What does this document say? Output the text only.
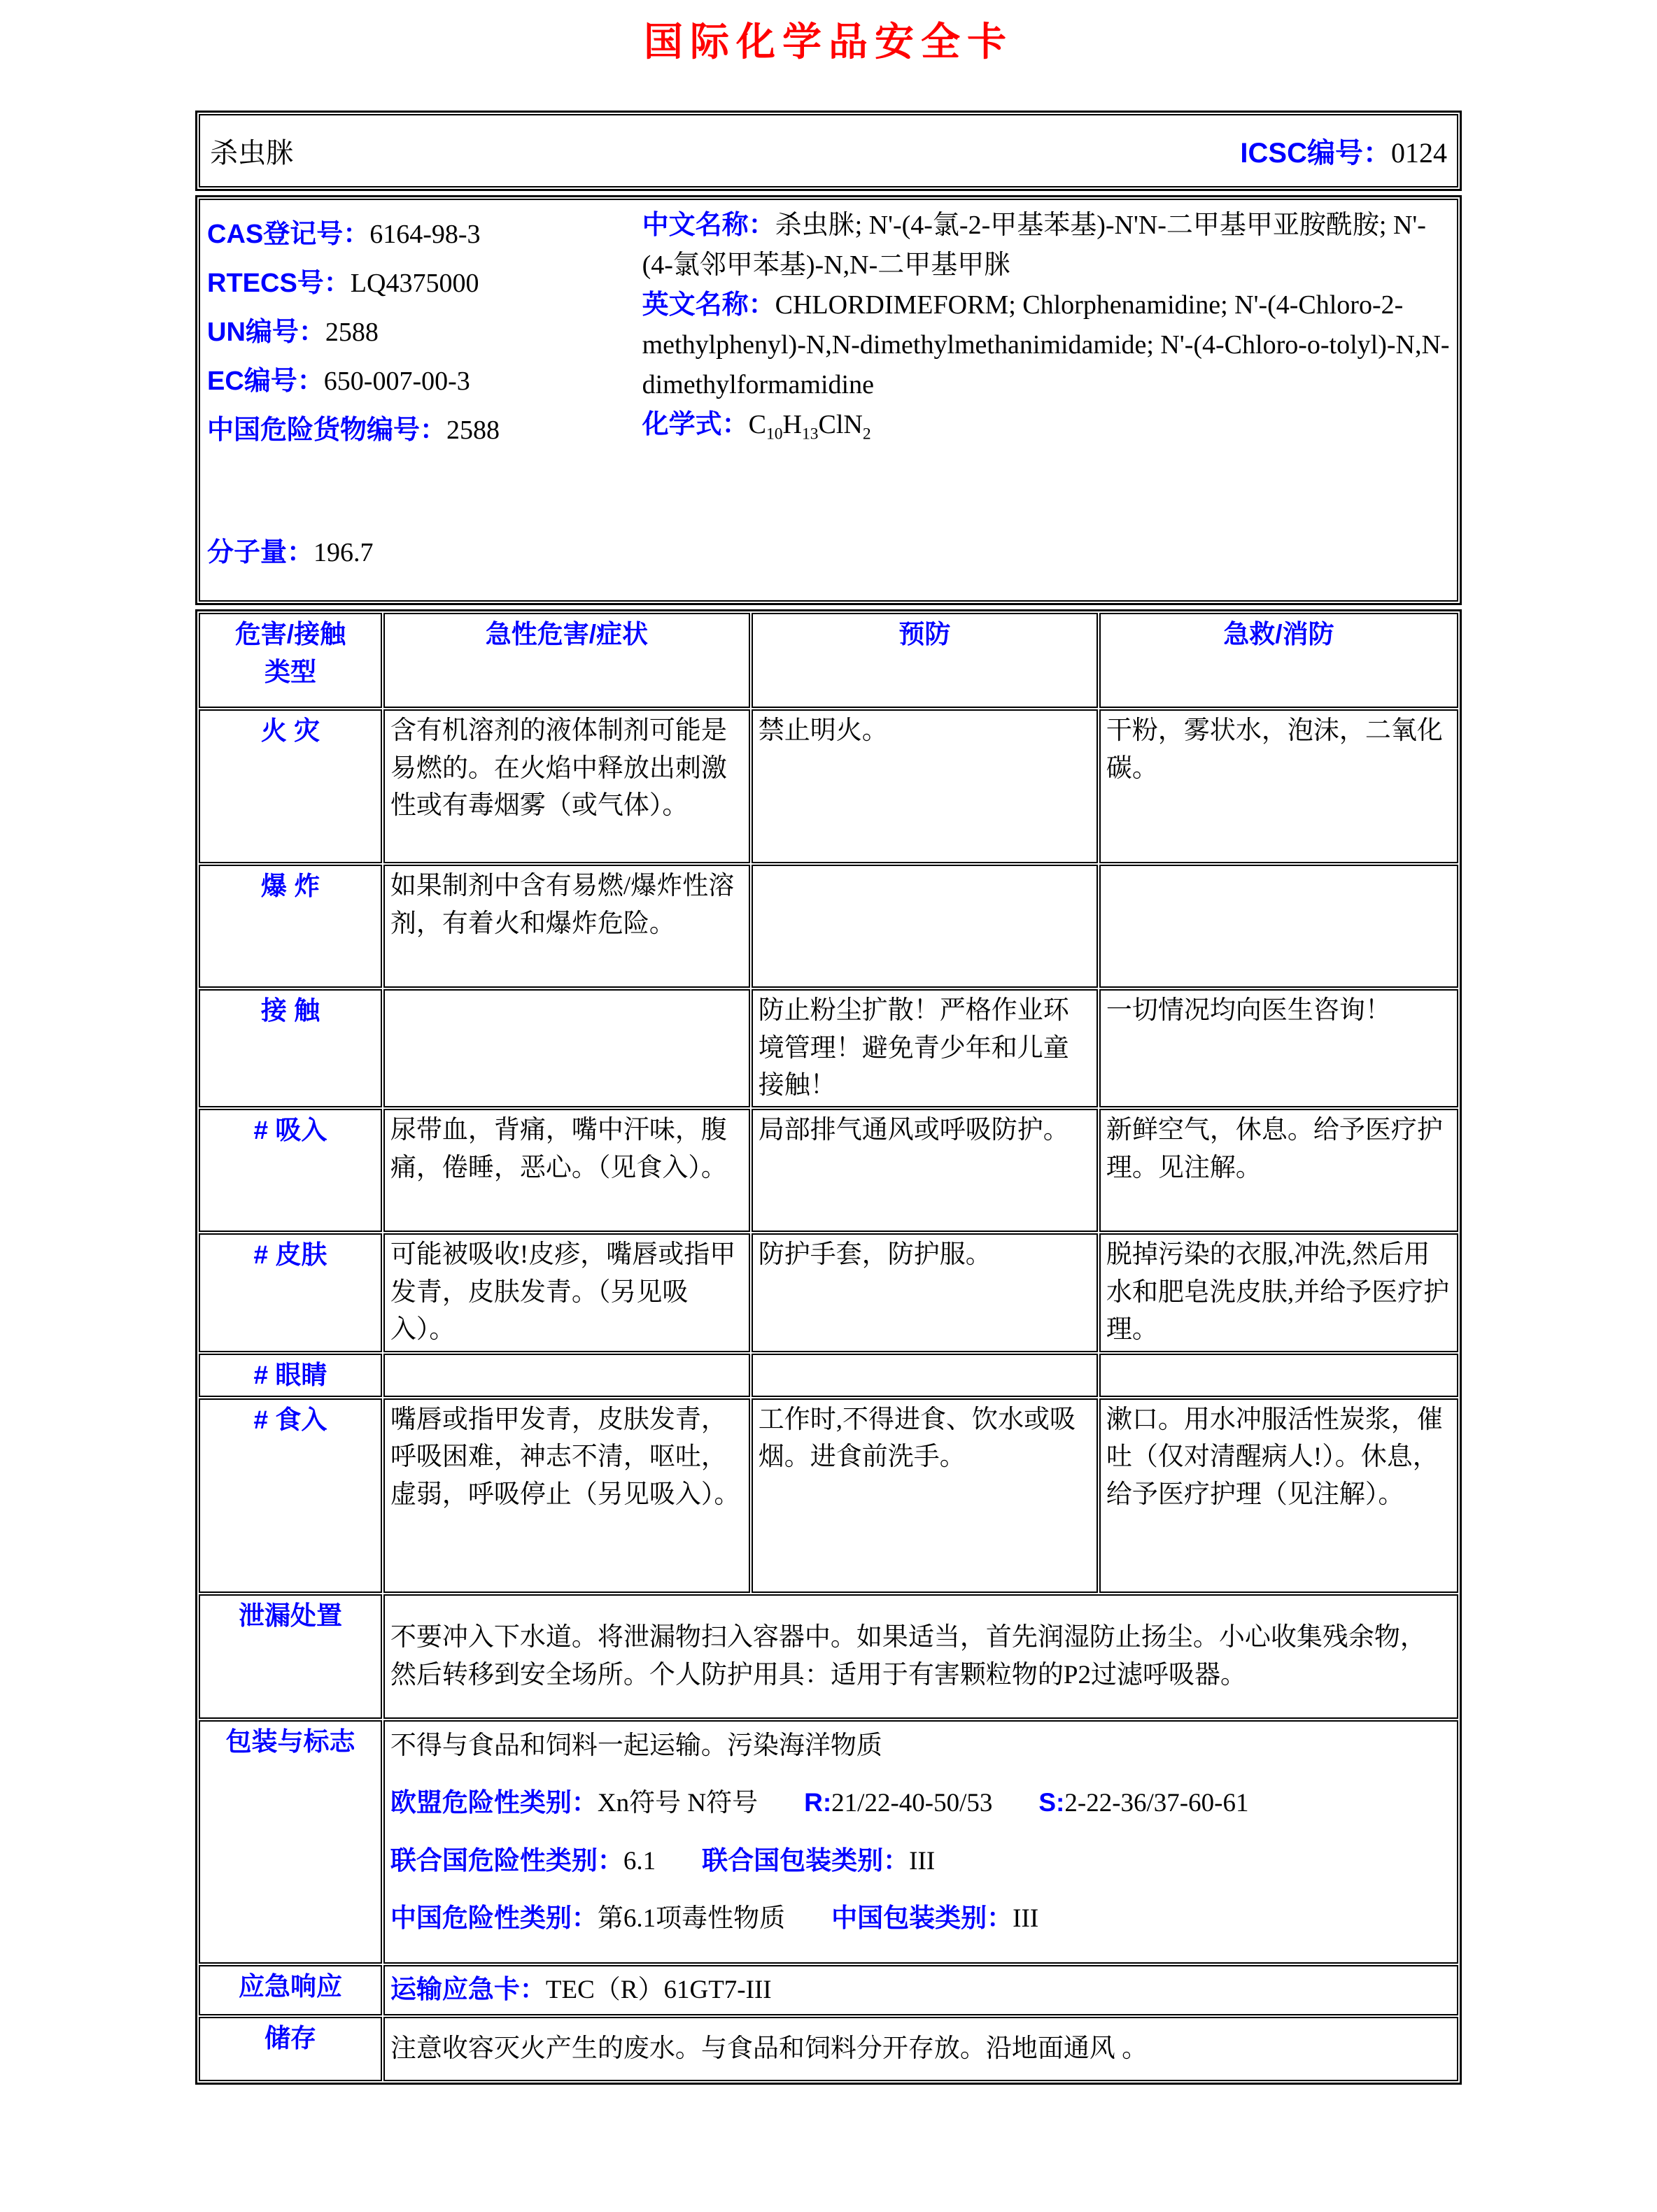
国际化学品安全卡
杀虫脒	ICSC编号：0124
CAS登记号：6164-98-3
RTECS号：LQ4375000
UN编号：2588
EC编号：650-007-00-3
中国危险货物编号：2588
分子量：196.7

中文名称：杀虫脒; N'-(4-氯-2-甲基苯基)-N'N-二甲基甲亚胺酰胺; N'-(4-氯邻甲苯基)-N,N-二甲基甲脒

英文名称：CHLORDIMEFORM; Chlorphenamidine; N'-(4-Chloro-2- methylphenyl)-N,N-dimethylmethanimidamide; N'-(4-Chloro-o-tolyl)-N,N-dimethylformamidine

化学式：$C_{10}H_{13}ClN_2$

危害/接触
类型	急性危害/症状	预防	急救/消防
火 灾	含有机溶剂的液体制剂可能是易燃的。在火焰中释放出刺激性或有毒烟雾（或气体）。	禁止明火。	干粉，雾状水，泡沫，二氧化碳。
爆 炸	如果制剂中含有易燃/爆炸性溶剂，有着火和爆炸危险。		
接 触		防止粉尘扩散！严格作业环境管理！避免青少年和儿童接触！	一切情况均向医生咨询！
# 吸入	尿带血，背痛，嘴中汗味，腹痛，倦睡，恶心。（见食入）。	局部排气通风或呼吸防护。	新鲜空气，休息。给予医疗护理。见注解。
# 皮肤	可能被吸收!皮疹，嘴唇或指甲发青，皮肤发青。（另见吸入）。	防护手套，防护服。	脱掉污染的衣服,冲洗,然后用水和肥皂洗皮肤,并给予医疗护理。
# 眼睛			
# 食入	嘴唇或指甲发青，皮肤发青，呼吸困难，神志不清，呕吐，虚弱，呼吸停止（另见吸入）。	工作时,不得进食、饮水或吸烟。进食前洗手。	漱口。用水冲服活性炭浆，催吐（仅对清醒病人!）。休息，给予医疗护理（见注解）。
泄漏处置	不要冲入下水道。将泄漏物扫入容器中。如果适当，首先润湿防止扬尘。小心收集残余物，然后转移到安全场所。个人防护用具：适用于有害颗粒物的P2过滤呼吸器。		
包装与标志	不得与食品和饲料一起运输。污染海洋物质

欧盟危险性类别：Xn符号 N符号 R:21/22-40-50/53 S:2-22-36/37-60-61

联合国危险性类别：6.1 联合国包装类别：III

中国危险性类别：第6.1项毒性物质 中国包装类别：III		

应急响应	运输应急卡：TEC（R）61GT7-III		
储存	注意收容灭火产生的废水。与食品和饲料分开存放。沿地面通风 。		
